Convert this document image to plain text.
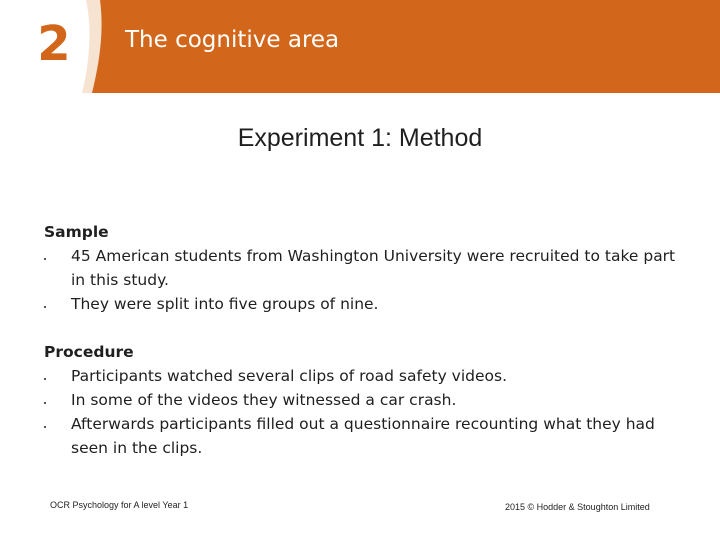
2 The cognitive area
Experiment 1: Method

Sample

45 American students from Washington University were recruited to take part in this study.
They were split into five groups of nine.

Procedure

Participants watched several clips of road safety videos.
In some of the videos they witnessed a car crash.
Afterwards participants filled out a questionnaire recounting what they had seen in the clips.
OCR Psychology for A level Year 1	2015 © Hodder & Stoughton Limited
